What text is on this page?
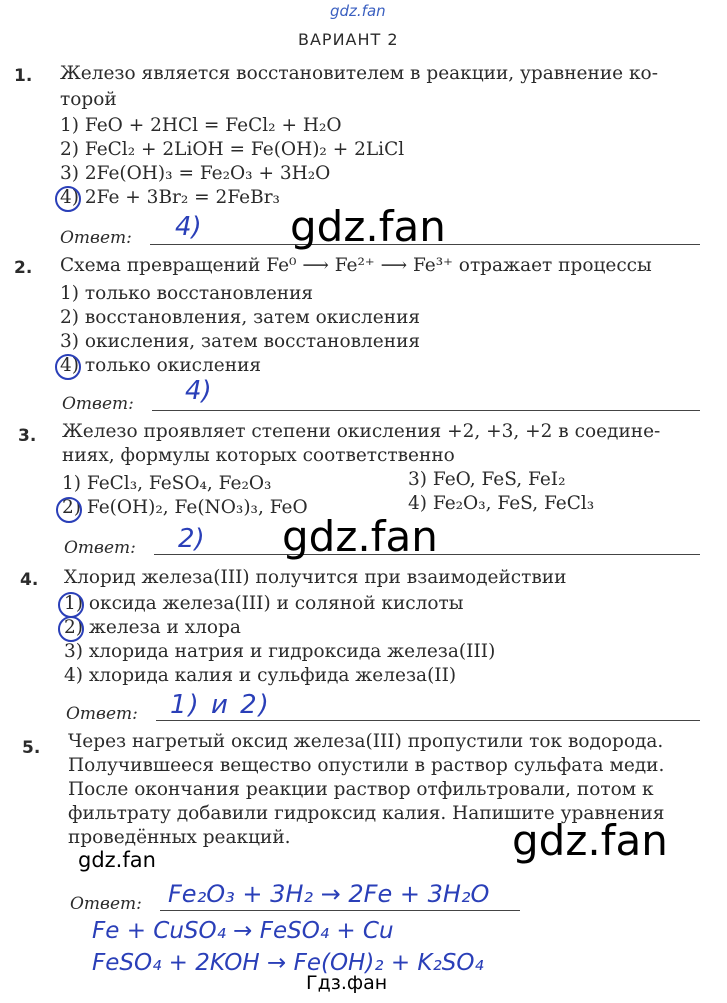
gdz.fan
ВАРИАНТ 2
1. Железо является восстановителем в реакции, уравнение ко-
торой
1) FeO + 2HCl = FeCl₂ + H₂O
2) FeCl₂ + 2LiOH = Fe(OH)₂ + 2LiCl
3) 2Fe(OH)₃ = Fe₂O₃ + 3H₂O
4) 2Fe + 3Br₂ = 2FeBr₃
Ответ: 4) gdz.fan
2. Схема превращений Fe⁰ ⟶ Fe²⁺ ⟶ Fe³⁺ отражает процессы
1) только восстановления
2) восстановления, затем окисления
3) окисления, затем восстановления
4) только окисления
Ответ: 4)
3. Железо проявляет степени окисления +2, +3, +2 в соедине-
ниях, формулы которых соответственно
1) FeCl₃, FeSO₄, Fe₂O₃	3) FeO, FeS, FeI₂
2) Fe(OH)₂, Fe(NO₃)₃, FeO	4) Fe₂O₃, FeS, FeCl₃
Ответ: 2) gdz.fan
4. Хлорид железа(III) получится при взаимодействии
1) оксида железа(III) и соляной кислоты
2) железа и хлора
3) хлорида натрия и гидроксида железа(III)
4) хлорида калия и сульфида железа(II)
Ответ: 1) и 2)
5. Через нагретый оксид железа(III) пропустили ток водорода.
Получившееся вещество опустили в раствор сульфата меди.
После окончания реакции раствор отфильтровали, потом к
фильтрату добавили гидроксид калия. Напишите уравнения
проведённых реакций.
gdz.fan	gdz.fan
Ответ: Fe₂O₃ + 3H₂ → 2Fe + 3H₂O
Fe + CuSO₄ → FeSO₄ + Cu
FeSO₄ + 2KOH → Fe(OH)₂ + K₂SO₄
Гдз.фан
